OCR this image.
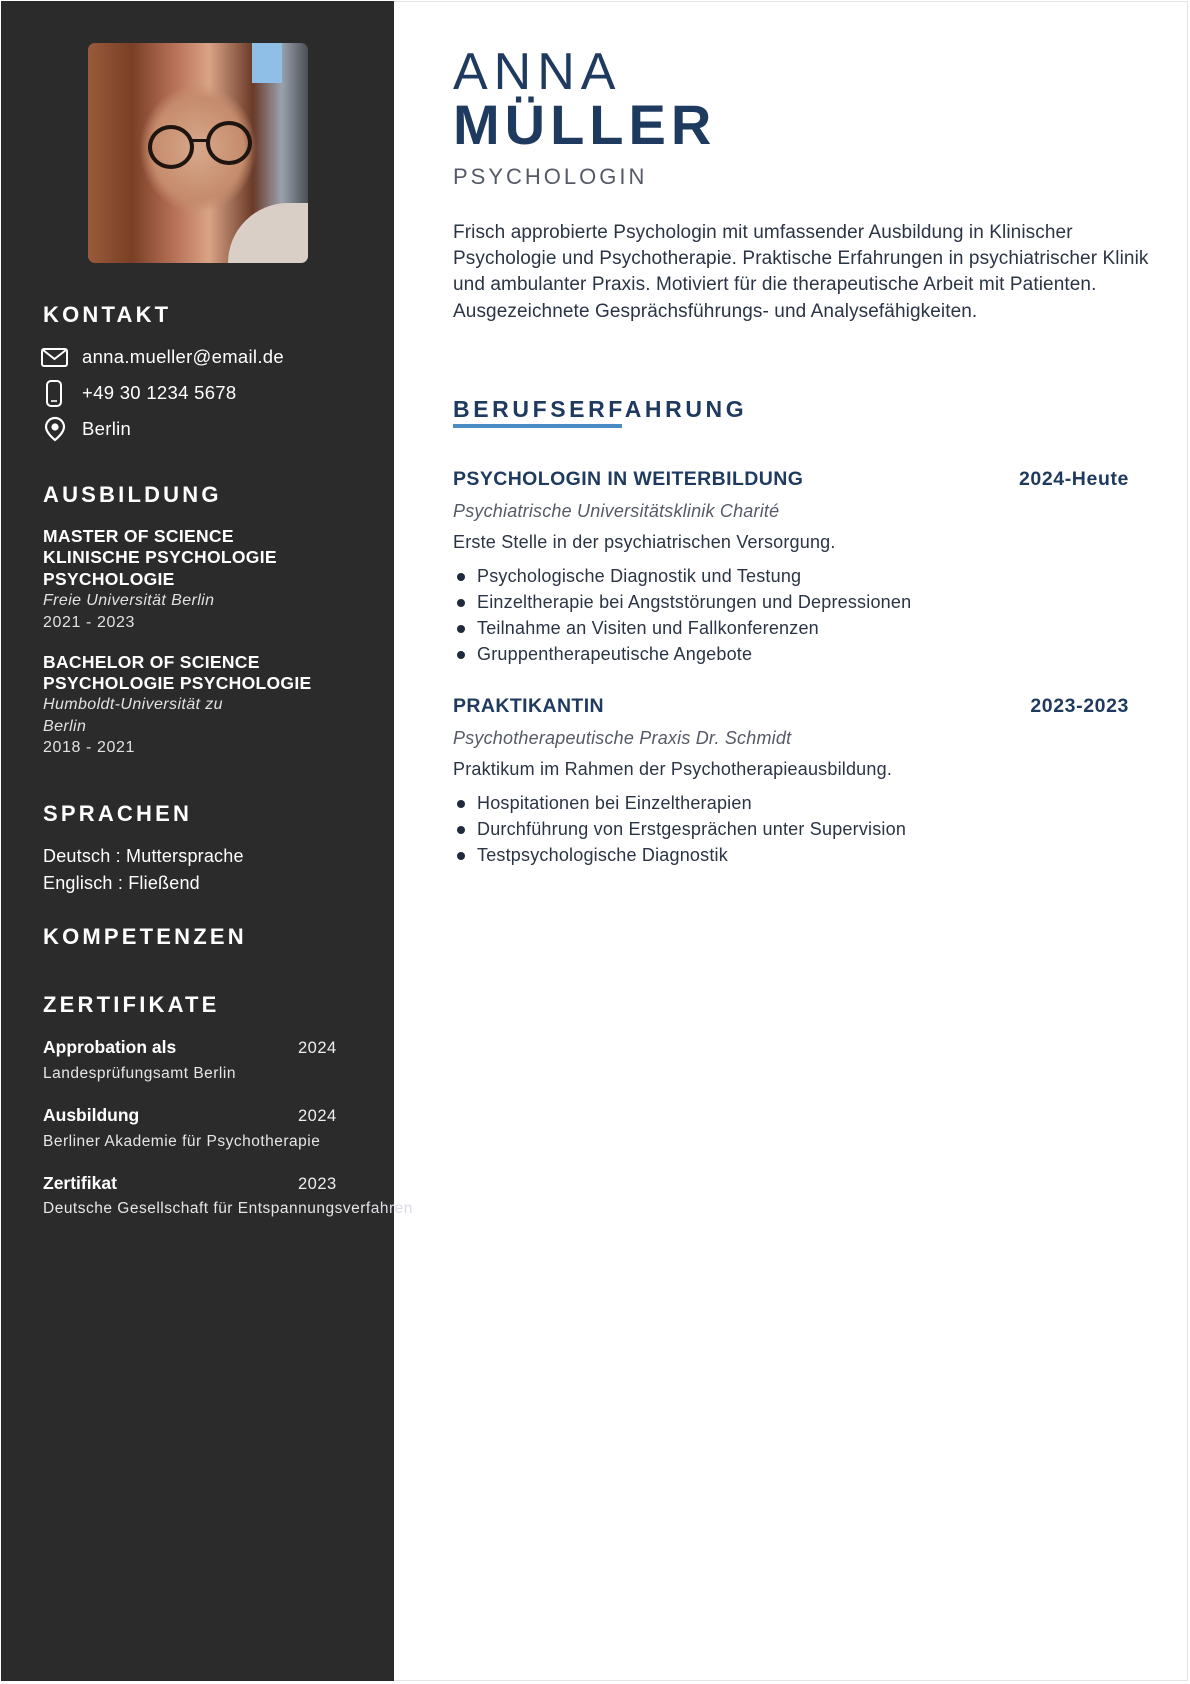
KONTAKT
anna.mueller@email.de
+49 30 1234 5678
Berlin
AUSBILDUNG
MASTER OF SCIENCE
KLINISCHE PSYCHOLOGIE
PSYCHOLOGIE
Freie Universität Berlin
2021 - 2023
BACHELOR OF SCIENCE
PSYCHOLOGIE PSYCHOLOGIE
Humboldt-Universität zu
Berlin
2018 - 2021
SPRACHEN
Deutsch : Muttersprache
Englisch : Fließend
KOMPETENZEN
ZERTIFIKATE
Approbation als	2024
Landesprüfungsamt Berlin
Ausbildung	2024
Berliner Akademie für Psychotherapie
Zertifikat	2023
Deutsche Gesellschaft für Entspannungsverfahren
ANNA
MÜLLER
PSYCHOLOGIN

Frisch approbierte Psychologin mit umfassender Ausbildung in Klinischer Psychologie und Psychotherapie. Praktische Erfahrungen in psychiatrischer Klinik und ambulanter Praxis. Motiviert für die therapeutische Arbeit mit Patienten. Ausgezeichnete Gesprächsführungs- und Analysefähigkeiten.

BERUFSERFAHRUNG
PSYCHOLOGIN IN WEITERBILDUNG	2024-Heute
Psychiatrische Universitätsklinik Charité
Erste Stelle in der psychiatrischen Versorgung.
Psychologische Diagnostik und Testung
Einzeltherapie bei Angststörungen und Depressionen
Teilnahme an Visiten und Fallkonferenzen
Gruppentherapeutische Angebote
PRAKTIKANTIN	2023-2023
Psychotherapeutische Praxis Dr. Schmidt
Praktikum im Rahmen der Psychotherapieausbildung.
Hospitationen bei Einzeltherapien
Durchführung von Erstgesprächen unter Supervision
Testpsychologische Diagnostik
